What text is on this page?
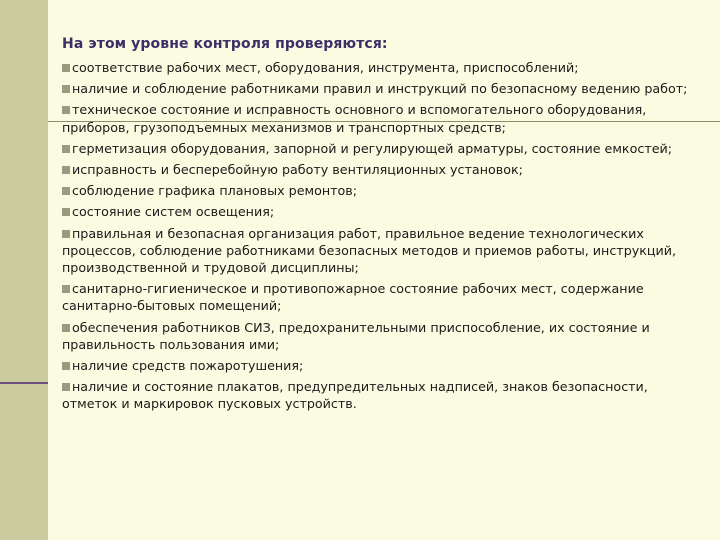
На этом уровне контроля проверяются:
соответствие рабочих мест, оборудования, инструмента, приспособлений;
наличие и соблюдение работниками правил и инструкций по безопасному ведению работ;
техническое состояние и исправность основного и вспомогательного оборудования, приборов, грузоподъемных механизмов и транспортных средств;
герметизация оборудования, запорной и регулирующей арматуры, состояние емкостей;
исправность и бесперебойную работу вентиляционных установок;
соблюдение графика плановых ремонтов;
состояние систем освещения;
правильная и безопасная организация работ, правильное ведение технологических процессов, соблюдение работниками безопасных методов и приемов работы, инструкций, производственной и трудовой дисциплины;
санитарно-гигиеническое и противопожарное состояние рабочих мест, содержание санитарно-бытовых помещений;
обеспечения работников СИЗ, предохранительными приспособление, их состояние и правильность пользования ими;
наличие средств пожаротушения;
наличие и состояние плакатов, предупредительных надписей, знаков безопасности, отметок и маркировок пусковых устройств.
